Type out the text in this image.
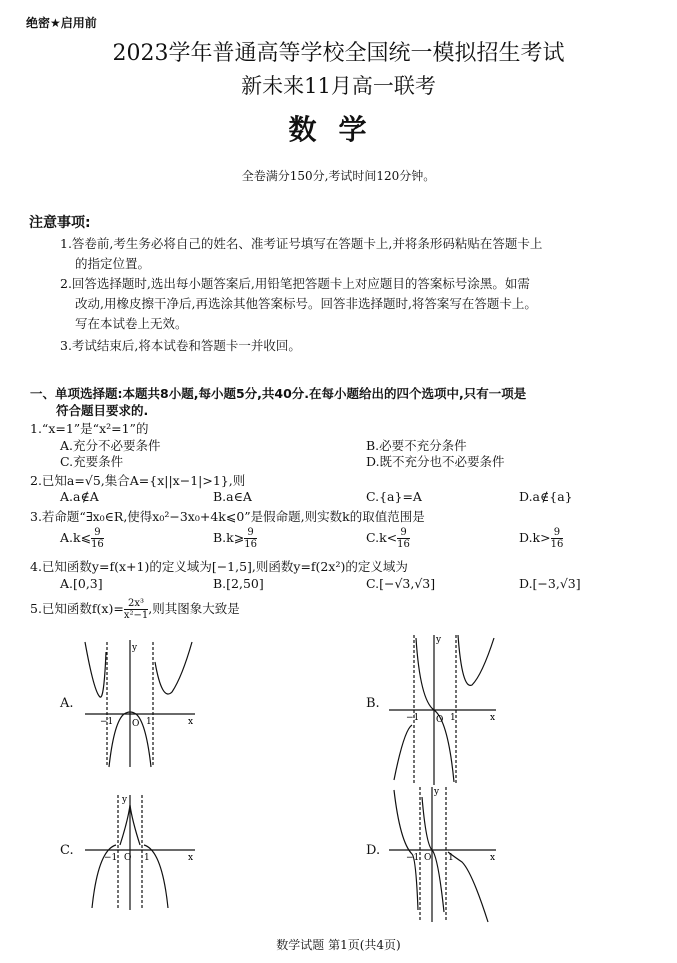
绝密★启用前
2023学年普通高等学校全国统一模拟招生考试
新未来11月高一联考
数学
全卷满分150分,考试时间120分钟。
注意事项:
1.答卷前,考生务必将自己的姓名、准考证号填写在答题卡上,并将条形码粘贴在答题卡上
的指定位置。
2.回答选择题时,选出每小题答案后,用铅笔把答题卡上对应题目的答案标号涂黑。如需
改动,用橡皮擦干净后,再选涂其他答案标号。回答非选择题时,将答案写在答题卡上。
写在本试卷上无效。
3.考试结束后,将本试卷和答题卡一并收回。
一、单项选择题:本题共8小题,每小题5分,共40分.在每小题给出的四个选项中,只有一项是
符合题目要求的.
1.“x=1”是“x²=1”的
A.充分不必要条件	B.必要不充分条件
C.充要条件	D.既不充分也不必要条件
2.已知a=√5,集合A={x||x−1|>1},则
A.a∉A	B.a∈A	C.{a}=A	D.a∉{a}
3.若命题“∃x₀∈R,使得x₀²−3x₀+4k⩽0”是假命题,则实数k的取值范围是
A.k⩽ $\frac{9}{16}$	B.k⩾ $\frac{9}{16}$	$C.k< \frac{9}{16}$	$D.k> \frac{9}{16}$
4.已知函数y=f(x+1)的定义域为[−1,5],则函数y=f(2x²)的定义域为
A.[0,3]	B.[2,50]	C.[−√3,√3]	D.[−3,√3]
5.已知函数$f(x)= \frac{\text{2x³}}{\text{x²−1}}$ ,则其图象大致是
A.
y
x
−1 O 1
B.
y
x
−1 O 1
C.
y
x
−1 O 1	D.
y
x
−1 O 1
数学试题 第1页(共4页)
